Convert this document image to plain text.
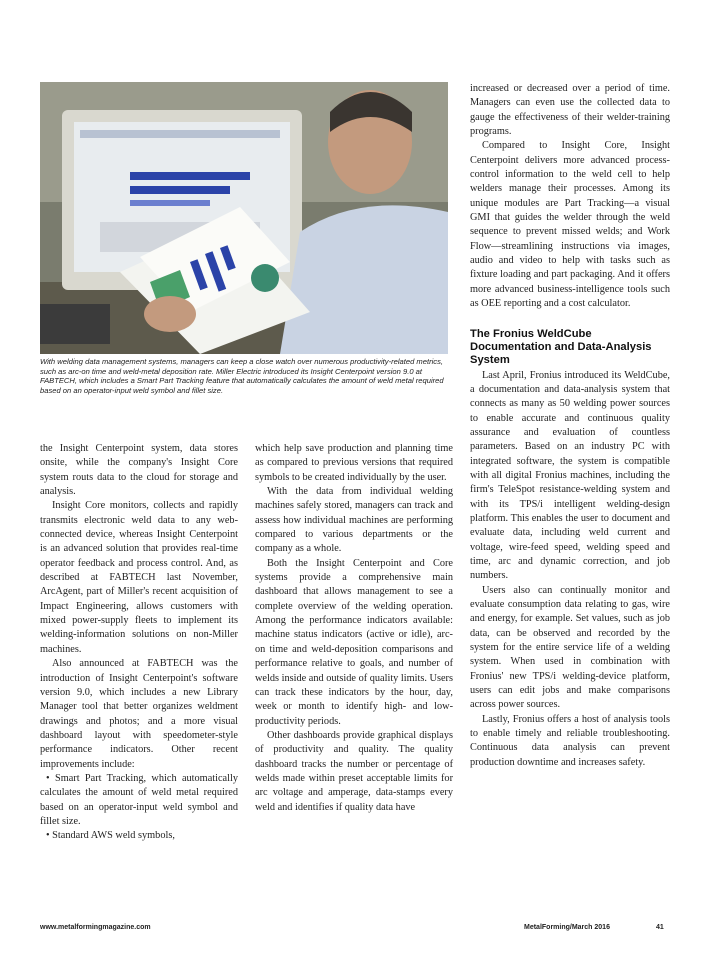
With welding data management systems, managers can keep a close watch over numerous productivity-related metrics, such as arc-on time and weld-metal deposition rate. Miller Electric introduced its Insight Centerpoint version 9.0 at FABTECH, which includes a Smart Part Tracking feature that automatically calculates the amount of weld metal required based on an operator-input weld symbol and fillet size.

the Insight Centerpoint system, data stores onsite, while the company's Insight Core system routs data to the cloud for storage and analysis.

Insight Core monitors, collects and rapidly transmits electronic weld data to any web-connected device, whereas Insight Centerpoint is an advanced solution that provides real-time operator feedback and process control. And, as described at FABTECH last November, ArcAgent, part of Miller's recent acquisition of Impact Engineering, allows customers with mixed power-supply fleets to implement its welding-information solutions on non-Miller machines.

Also announced at FABTECH was the introduction of Insight Centerpoint's software version 9.0, which includes a new Library Manager tool that better organizes weldment drawings and photos; and a more visual dashboard layout with speedometer-style performance indicators. Other recent improvements include:

• Smart Part Tracking, which automatically calculates the amount of weld metal required based on an operator-input weld symbol and fillet size.

• Standard AWS weld symbols,

which help save production and planning time as compared to previous versions that required symbols to be created individually by the user.

With the data from individual welding machines safely stored, managers can track and assess how individual machines are performing compared to various departments or the company as a whole.

Both the Insight Centerpoint and Core systems provide a comprehensive main dashboard that allows management to see a complete overview of the welding operation. Among the performance indicators available: machine status indicators (active or idle), arc-on time and weld-deposition comparisons and performance relative to goals, and number of welds inside and outside of quality limits. Users can track these indicators by the hour, day, week or month to identify high- and low-productivity periods.

Other dashboards provide graphical displays of productivity and quality. The quality dashboard tracks the number or percentage of welds made within preset acceptable limits for arc voltage and amperage, data-stamps every weld and identifies if quality data have

increased or decreased over a period of time. Managers can even use the collected data to gauge the effectiveness of their welder-training programs.

Compared to Insight Core, Insight Centerpoint delivers more advanced process-control information to the weld cell to help welders manage their processes. Among its unique modules are Part Tracking—a visual GMI that guides the welder through the weld sequence to prevent missed welds; and Work Flow—streamlining instructions via images, audio and video to help with tasks such as fixture loading and part packaging. And it offers more advanced business-intelligence tools such as OEE reporting and a cost calculator.

The Fronius WeldCube Documentation and Data-Analysis System

Last April, Fronius introduced its WeldCube, a documentation and data-analysis system that connects as many as 50 welding power sources to enable accurate and continuous quality assurance and evaluation of countless parameters. Based on an industry PC with integrated software, the system is compatible with all digital Fronius machines, including the firm's TeleSpot resistance-welding system and with its TPS/i intelligent welding-design platform. This enables the user to document and evaluate data, including weld current and voltage, wire-feed speed, welding speed and time, arc and dynamic correction, and job numbers.

Users also can continually monitor and evaluate consumption data relating to gas, wire and energy, for example. Set values, such as job data, can be observed and recorded by the system for the entire service life of a welding system. When used in combination with Fronius' new TPS/i welding-device platform, users can edit jobs and make comparisons across power sources.

Lastly, Fronius offers a host of analysis tools to enable timely and reliable troubleshooting. Continuous data analysis can prevent production downtime and increases safety.

www.metalformingmagazine.com	MetalForming/March 2016	41
